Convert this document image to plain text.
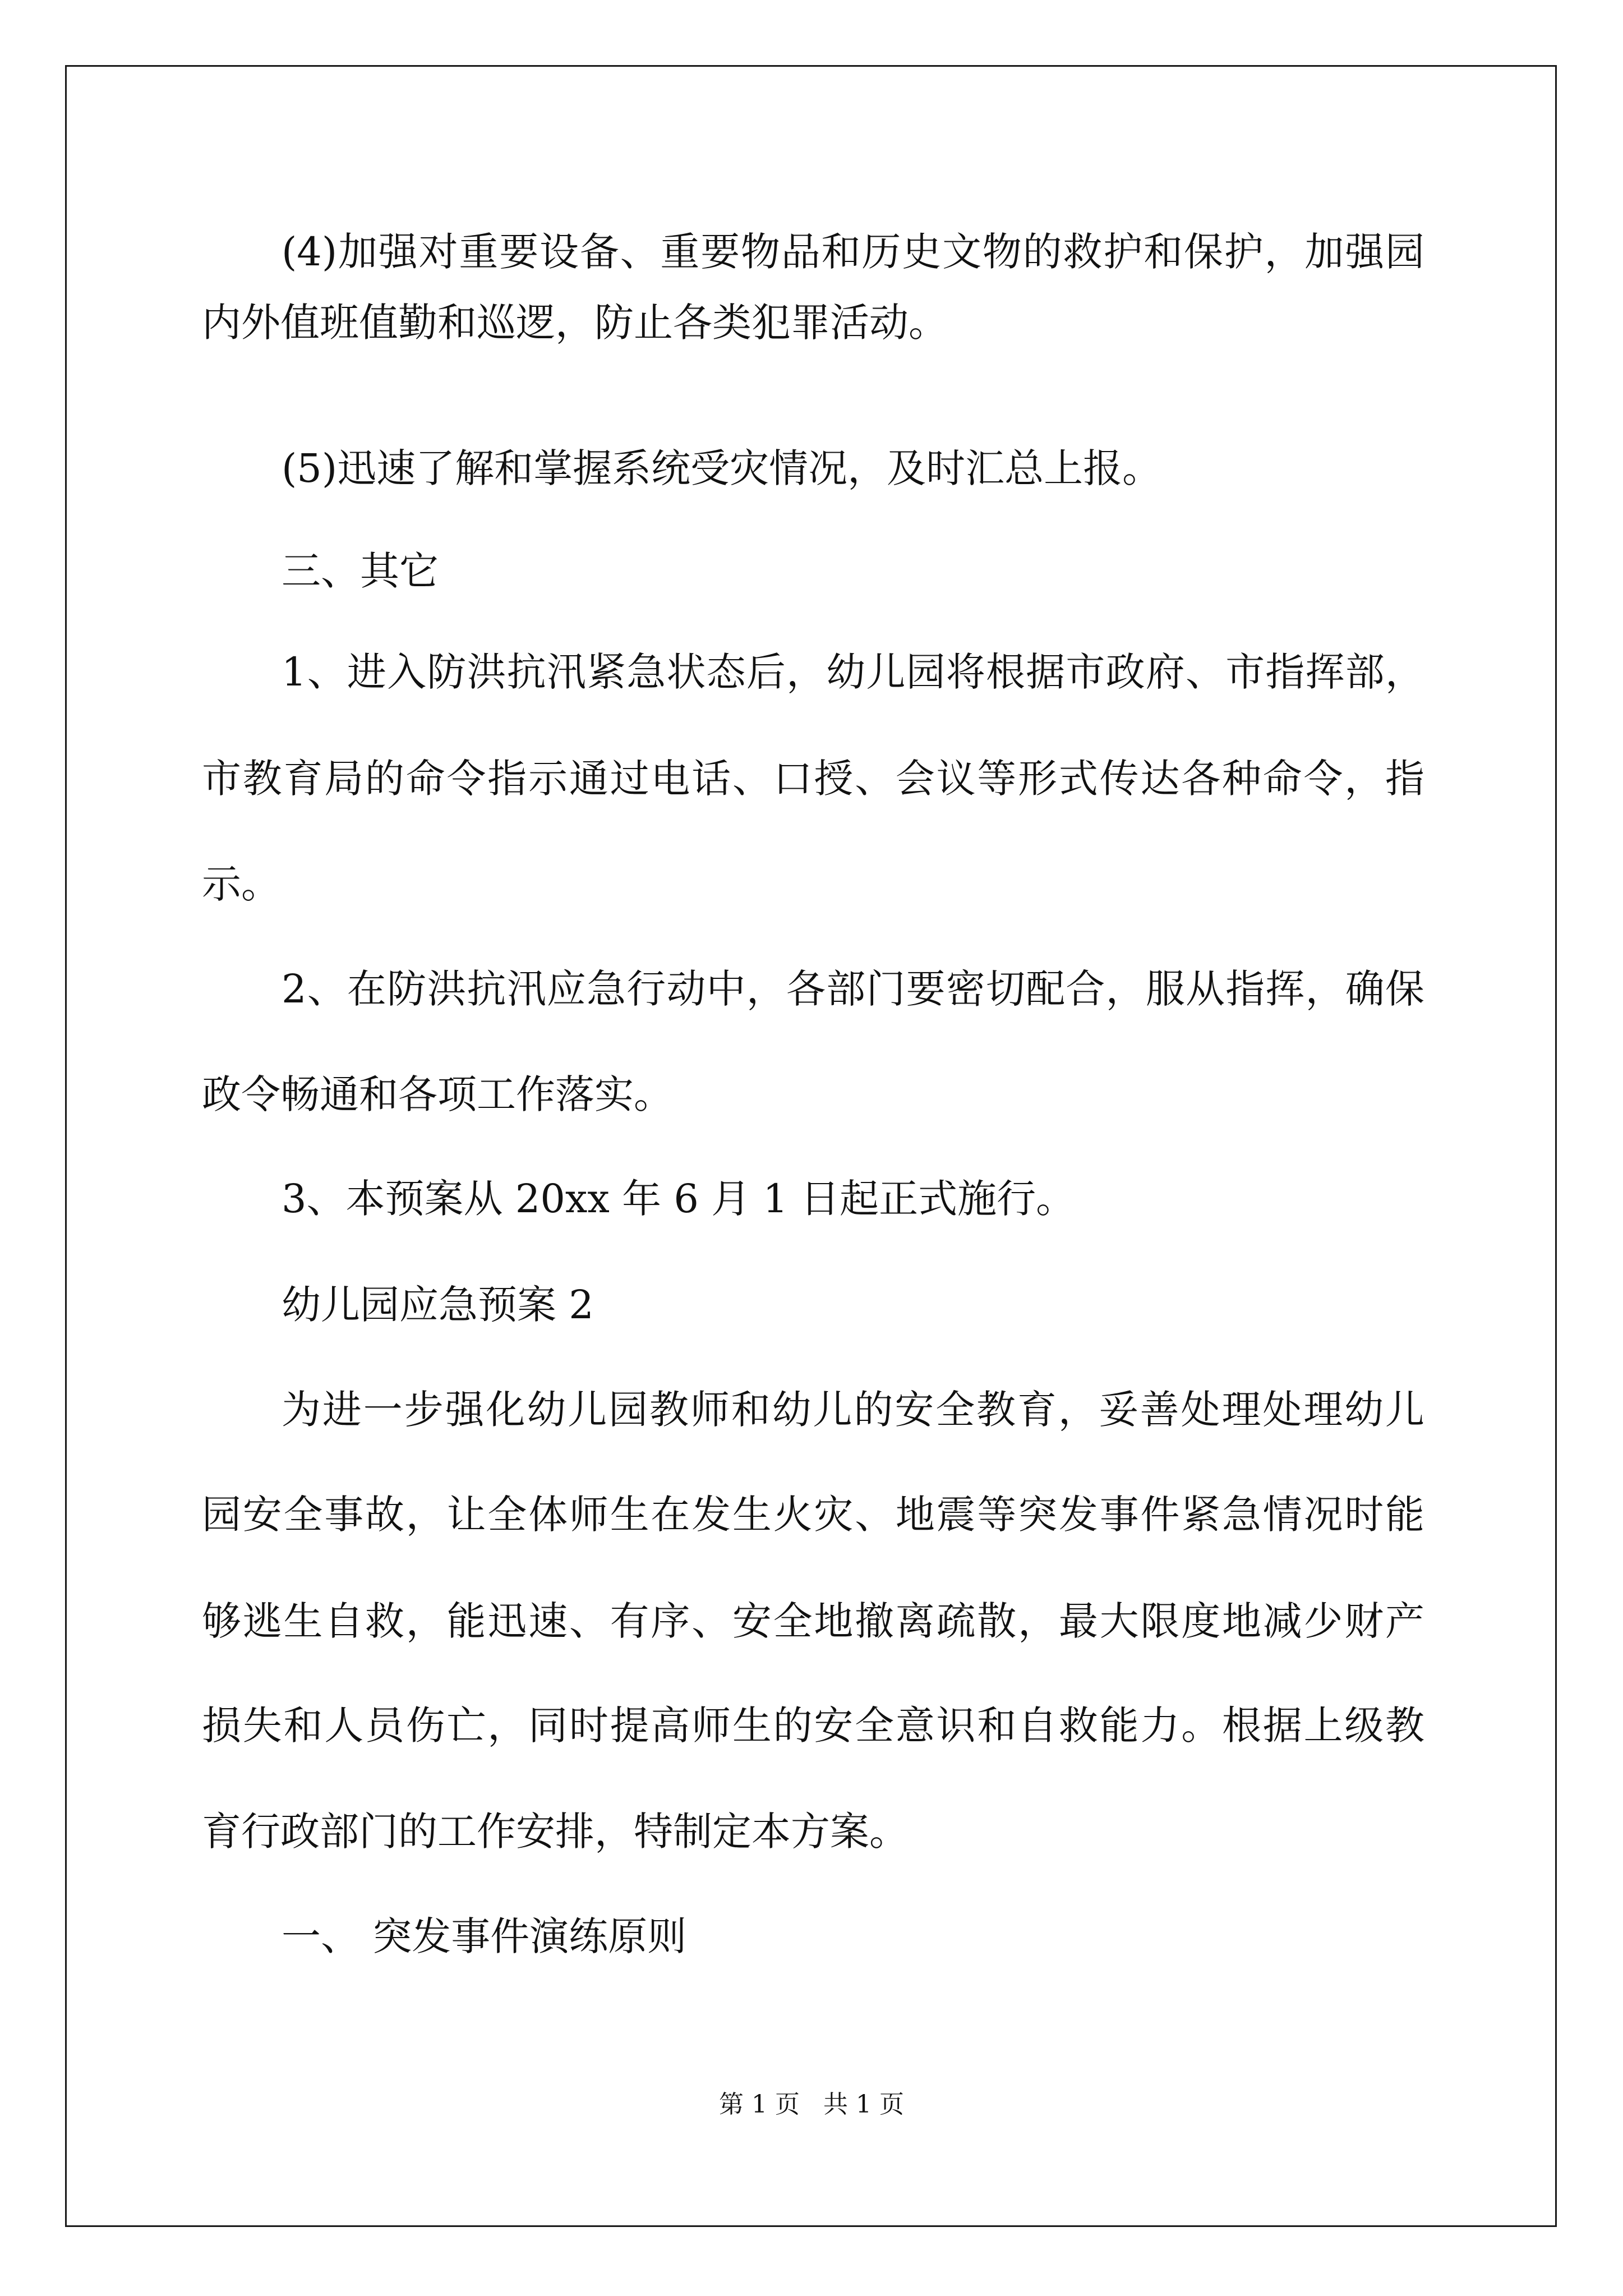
(4)加强对重要设备、重要物品和历史文物的救护和保护，加强园

内外值班值勤和巡逻，防止各类犯罪活动。

(5)迅速了解和掌握系统受灾情况，及时汇总上报。

三、其它

1、进入防洪抗汛紧急状态后，幼儿园将根据市政府、市指挥部，

市教育局的命令指示通过电话、口授、会议等形式传达各种命令，指

示。

2、在防洪抗汛应急行动中，各部门要密切配合，服从指挥，确保

政令畅通和各项工作落实。

3、本预案从 20xx 年 6 月 1 日起正式施行。

幼儿园应急预案 2

为进一步强化幼儿园教师和幼儿的安全教育，妥善处理处理幼儿

园安全事故，让全体师生在发生火灾、地震等突发事件紧急情况时能

够逃生自救，能迅速、有序、安全地撤离疏散，最大限度地减少财产

损失和人员伤亡，同时提高师生的安全意识和自救能力。根据上级教

育行政部门的工作安排，特制定本方案。

一、 突发事件演练原则

第 1 页   共 1 页
